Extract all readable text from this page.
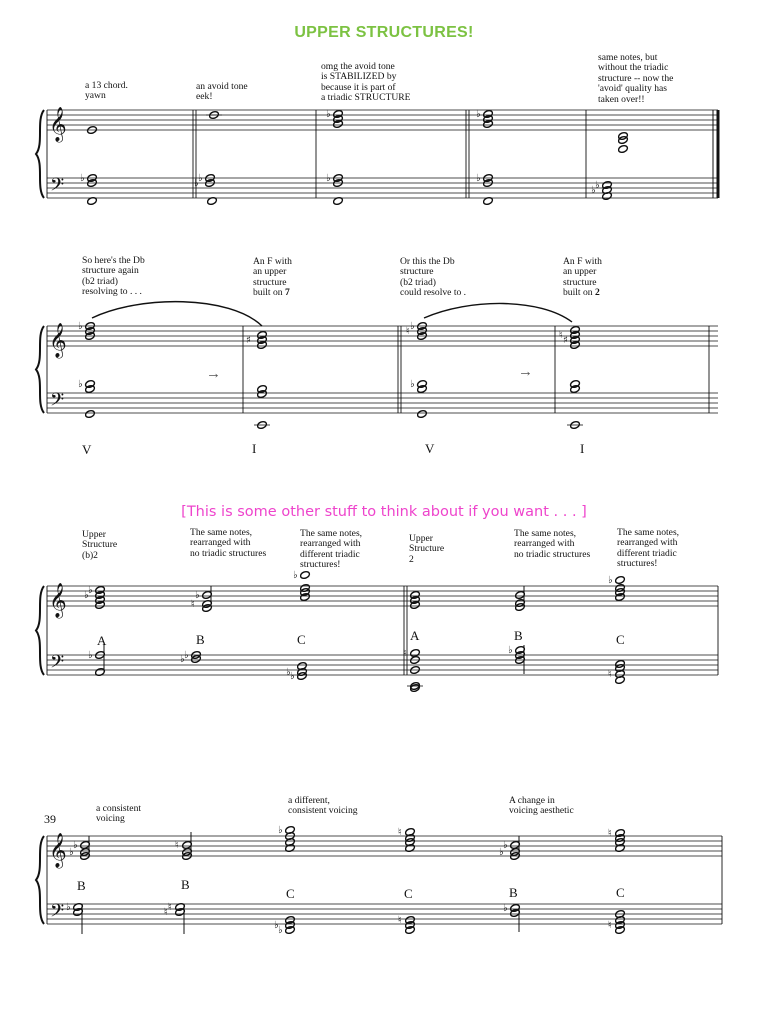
UPPER STRUCTURES!
a 13 chord.
yawn
an avoid tone
eek!
omg the avoid tone
is STABILIZED by
because it is part of
a triadic STRUCTURE
same notes, but
without the triadic
structure -- now the
'avoid' quality has
taken over!!
So here's the Db
structure again
(b2 triad)
resolving to . . .
An F with
an upper
structure
built on 7
Or this the Db
structure
(b2 triad)
could resolve to .
An F with
an upper
structure
built on 2
→	→
V	I	V	I
[This is some other stuff to think about if you want . . . ]
Upper
Structure
(b)2
The same notes,
rearranged with
no triadic structures
The same notes,
rearranged with
different triadic
structures!
Upper
Structure
2
The same notes,
rearranged with
no triadic structures
The same notes,
rearranged with
different triadic
structures!
A	B	C	A	B	C
39
a consistent
voicing
a different,
consistent voicing
A change in
voicing aesthetic
B	B
C	C	B	C
𝄞
𝄢 ♭	♭
♭
♭
♭
♭
♭
♭
♭
𝄞
𝄢
♭
♭
♯
♭
♮
♭
♮ ♯
𝄞
𝄢
♭
♭	♭
♮
♭	♭
♭	♭
♭
♭ ♭
♮	♭
♮
𝄞
𝄢
♭
♭
♮
♭	♮
♭
♭
♮
♭	♮
♮
♭ ♭
♮
♭
♮
